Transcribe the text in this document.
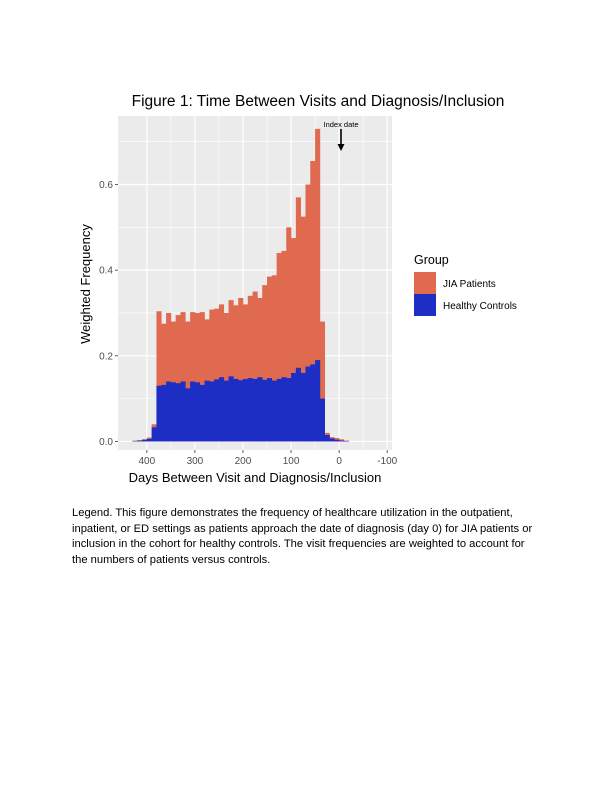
Figure 1: Time Between Visits and Diagnosis/Inclusion
Index date
400	300	200	100	0	-100
0.0
0.2
0.4
0.6
Days Between Visit and Diagnosis/Inclusion
Weighted Frequency	Group
JIA Patients
Healthy Controls
Legend. This figure demonstrates the frequency of healthcare utilization in the outpatient, inpatient, or ED settings as patients approach the date of diagnosis (day 0) for JIA patients or inclusion in the cohort for healthy controls. The visit frequencies are weighted to account for the numbers of patients versus controls.
